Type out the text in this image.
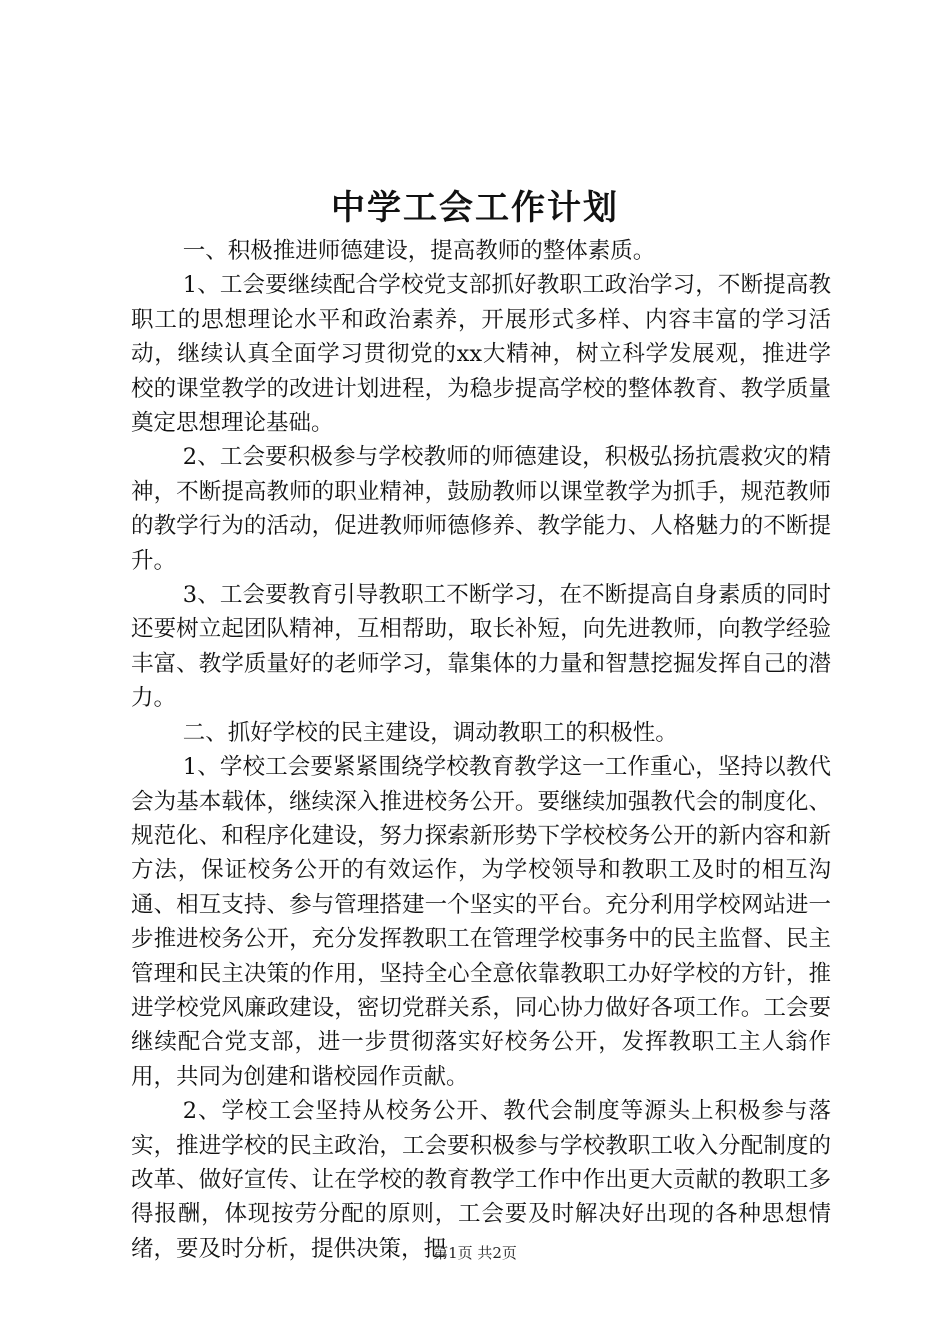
中学工会工作计划

一、积极推进师德建设，提高教师的整体素质。

1、工会要继续配合学校党支部抓好教职工政治学习，不断提高教职工的思想理论水平和政治素养，开展形式多样、内容丰富的学习活动，继续认真全面学习贯彻党的xx大精神，树立科学发展观，推进学校的课堂教学的改进计划进程，为稳步提高学校的整体教育、教学质量奠定思想理论基础。

2、工会要积极参与学校教师的师德建设，积极弘扬抗震救灾的精神，不断提高教师的职业精神，鼓励教师以课堂教学为抓手，规范教师的教学行为的活动，促进教师师德修养、教学能力、人格魅力的不断提升。

3、工会要教育引导教职工不断学习，在不断提高自身素质的同时还要树立起团队精神，互相帮助，取长补短，向先进教师，向教学经验丰富、教学质量好的老师学习，靠集体的力量和智慧挖掘发挥自己的潜力。

二、抓好学校的民主建设，调动教职工的积极性。

1、学校工会要紧紧围绕学校教育教学这一工作重心，坚持以教代会为基本载体，继续深入推进校务公开。要继续加强教代会的制度化、规范化、和程序化建设，努力探索新形势下学校校务公开的新内容和新方法，保证校务公开的有效运作，为学校领导和教职工及时的相互沟通、相互支持、参与管理搭建一个坚实的平台。充分利用学校网站进一步推进校务公开，充分发挥教职工在管理学校事务中的民主监督、民主管理和民主决策的作用，坚持全心全意依靠教职工办好学校的方针，推进学校党风廉政建设，密切党群关系，同心协力做好各项工作。工会要继续配合党支部，进一步贯彻落实好校务公开，发挥教职工主人翁作用，共同为创建和谐校园作贡献。

2、学校工会坚持从校务公开、教代会制度等源头上积极参与落实，推进学校的民主政治，工会要积极参与学校教职工收入分配制度的改革、做好宣传、让在学校的教育教学工作中作出更大贡献的教职工多得报酬，体现按劳分配的原则，工会要及时解决好出现的各种思想情绪，要及时分析，提供决策，把

第1页 共2页
